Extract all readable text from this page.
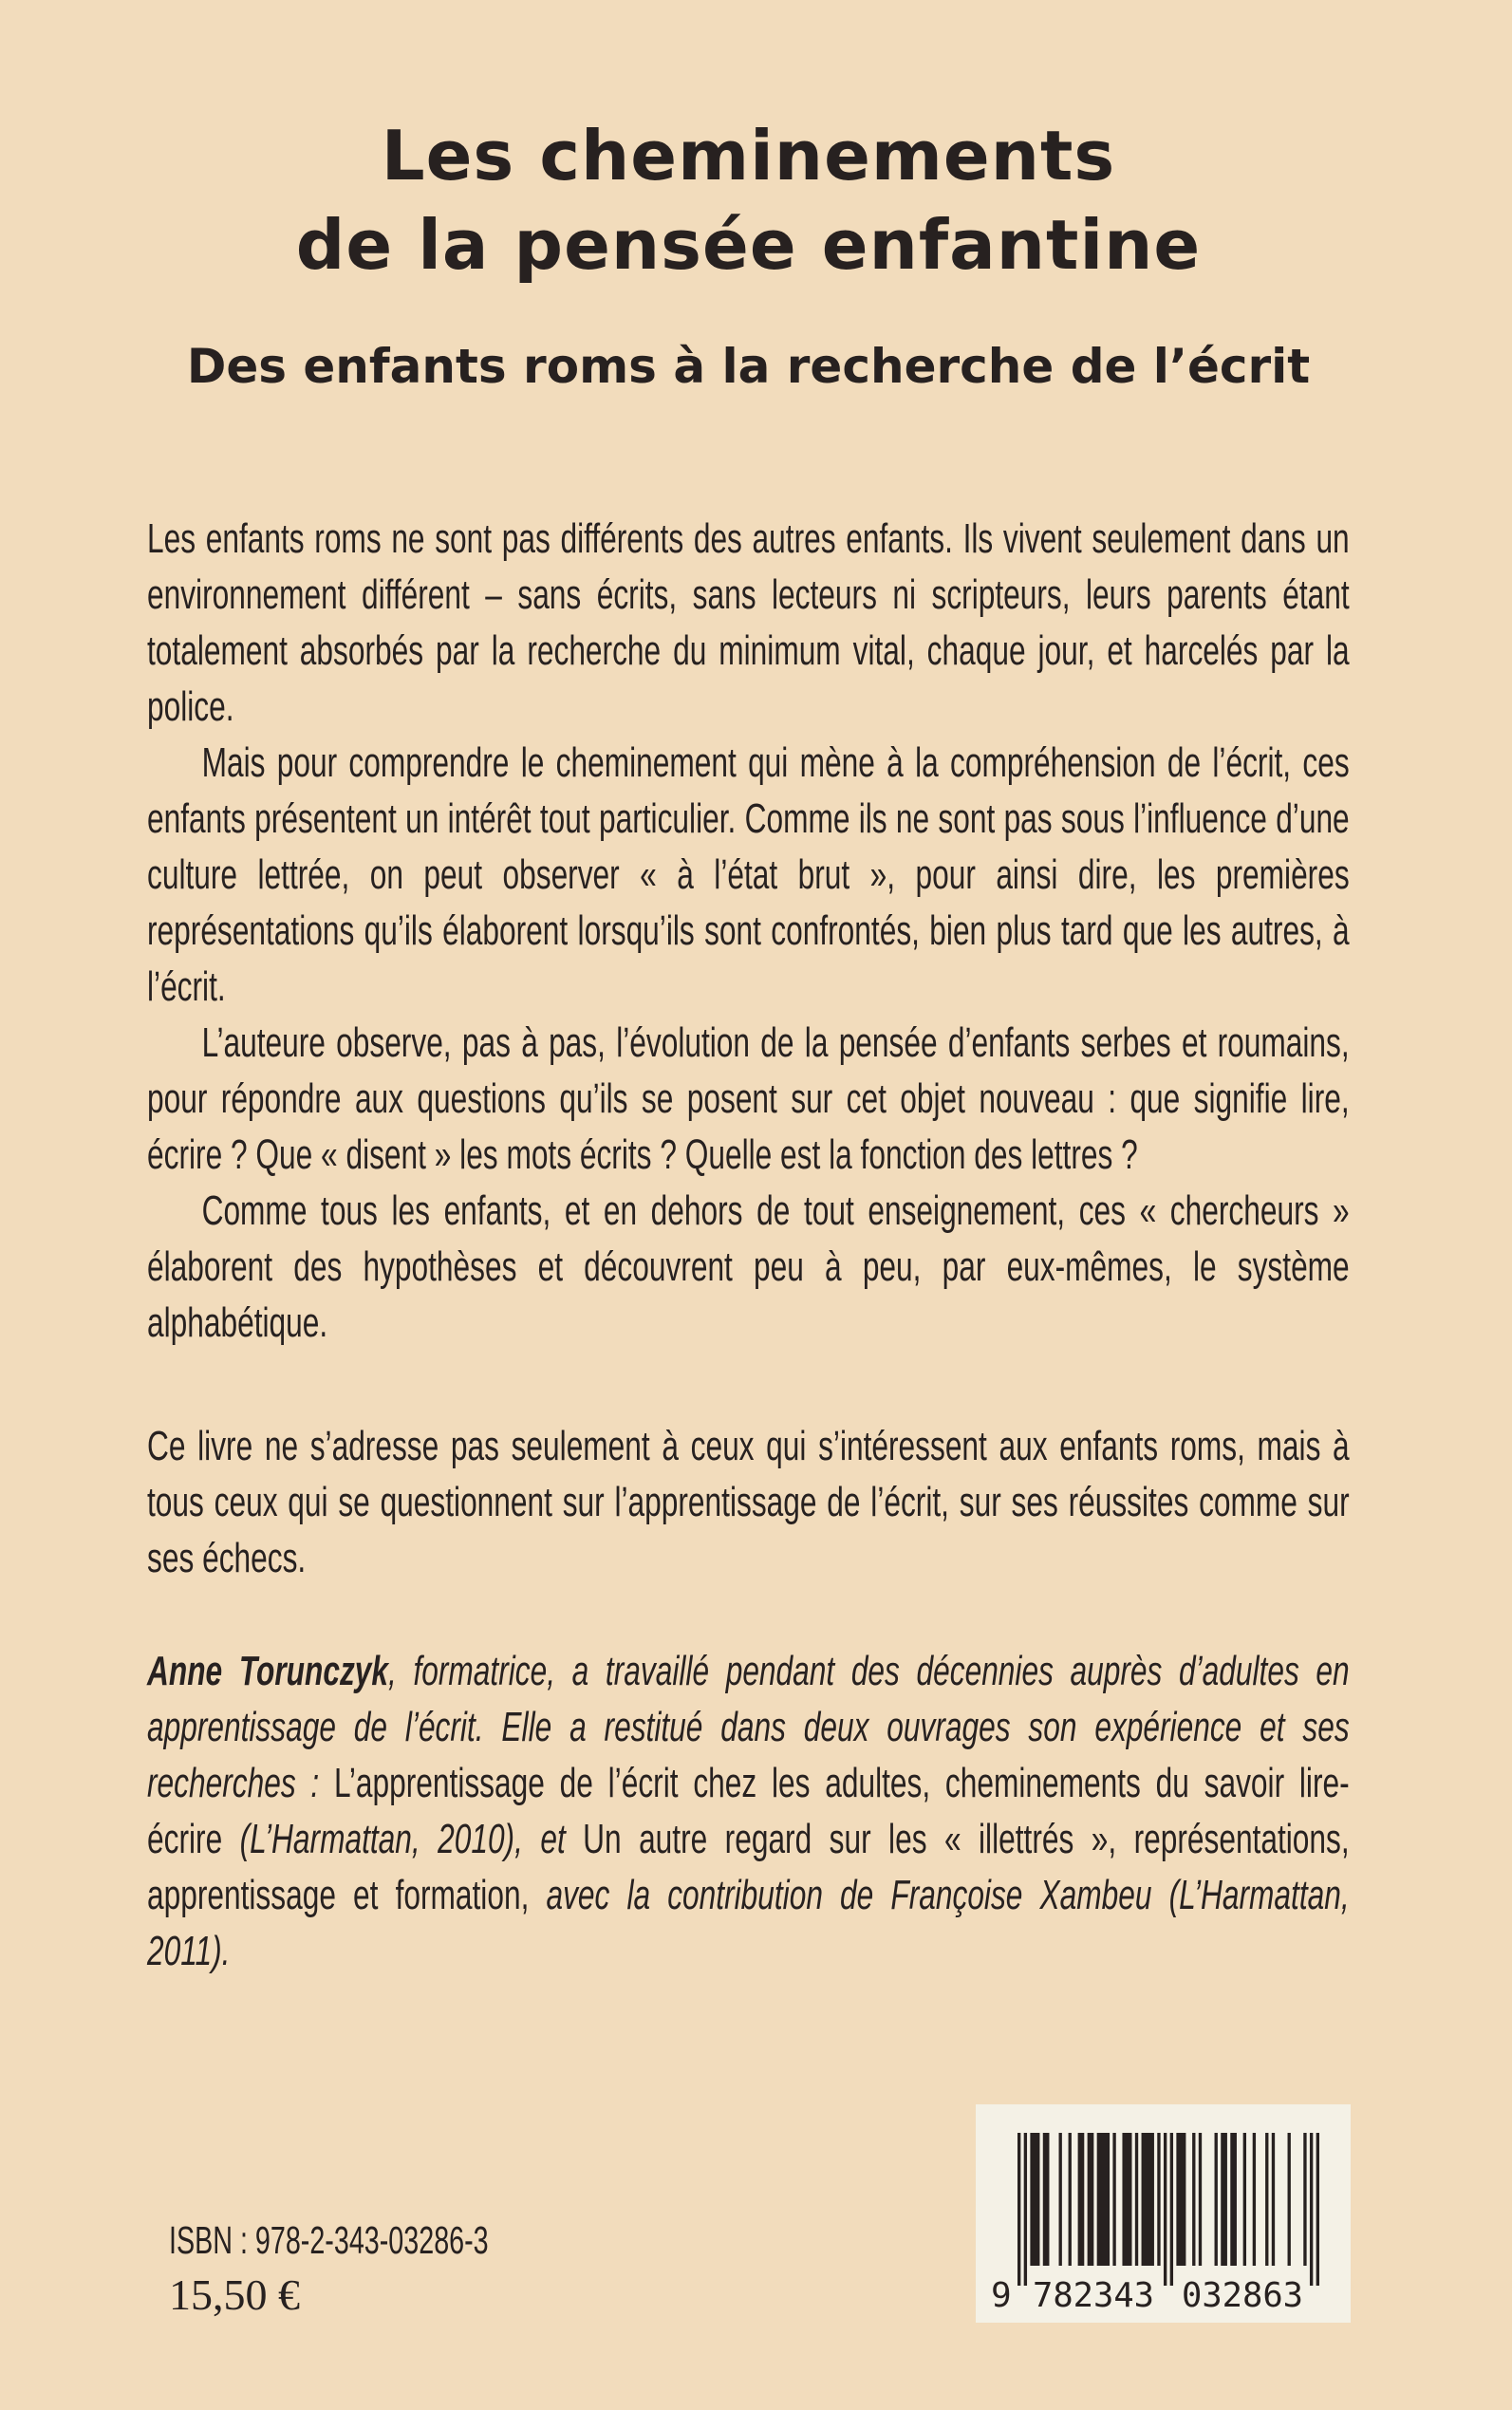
Les cheminements
de la pensée enfantine
Des enfants roms à la recherche de l’écrit

Les enfants roms ne sont pas différents des autres enfants. Ils vivent seulement dans un environnement différent – sans écrits, sans lecteurs ni scripteurs, leurs parents étant totalement absorbés par la recherche du minimum vital, chaque jour, et harcelés par la police.

Mais pour comprendre le cheminement qui mène à la compréhension de l’écrit, ces enfants présentent un intérêt tout particulier. Comme ils ne sont pas sous l’influence d’une culture lettrée, on peut observer « à l’état brut », pour ainsi dire, les premières représentations qu’ils élaborent lorsqu’ils sont confrontés, bien plus tard que les autres, à l’écrit.

L’auteure observe, pas à pas, l’évolution de la pensée d’enfants serbes et roumains, pour répondre aux questions qu’ils se posent sur cet objet nouveau : que signifie lire, écrire ? Que « disent » les mots écrits ? Quelle est la fonction des lettres ?

Comme tous les enfants, et en dehors de tout enseignement, ces « chercheurs » élaborent des hypothèses et découvrent peu à peu, par eux-mêmes, le système alphabétique.

Ce livre ne s’adresse pas seulement à ceux qui s’intéressent aux enfants roms, mais à tous ceux qui se questionnent sur l’apprentissage de l’écrit, sur ses réussites comme sur ses échecs.

Anne Torunczyk, formatrice, a travaillé pendant des décennies auprès d’adultes en apprentissage de l’écrit. Elle a restitué dans deux ouvrages son expérience et ses recherches : L’apprentissage de l’écrit chez les adultes, cheminements du savoir lire-écrire (L’Harmattan, 2010), et Un autre regard sur les « illettrés », représentations, apprentissage et formation, avec la contribution de Françoise Xambeu (L’Harmattan, 2011).
ISBN : 978-2-343-03286-3
15,50 €	9 782343 032863
